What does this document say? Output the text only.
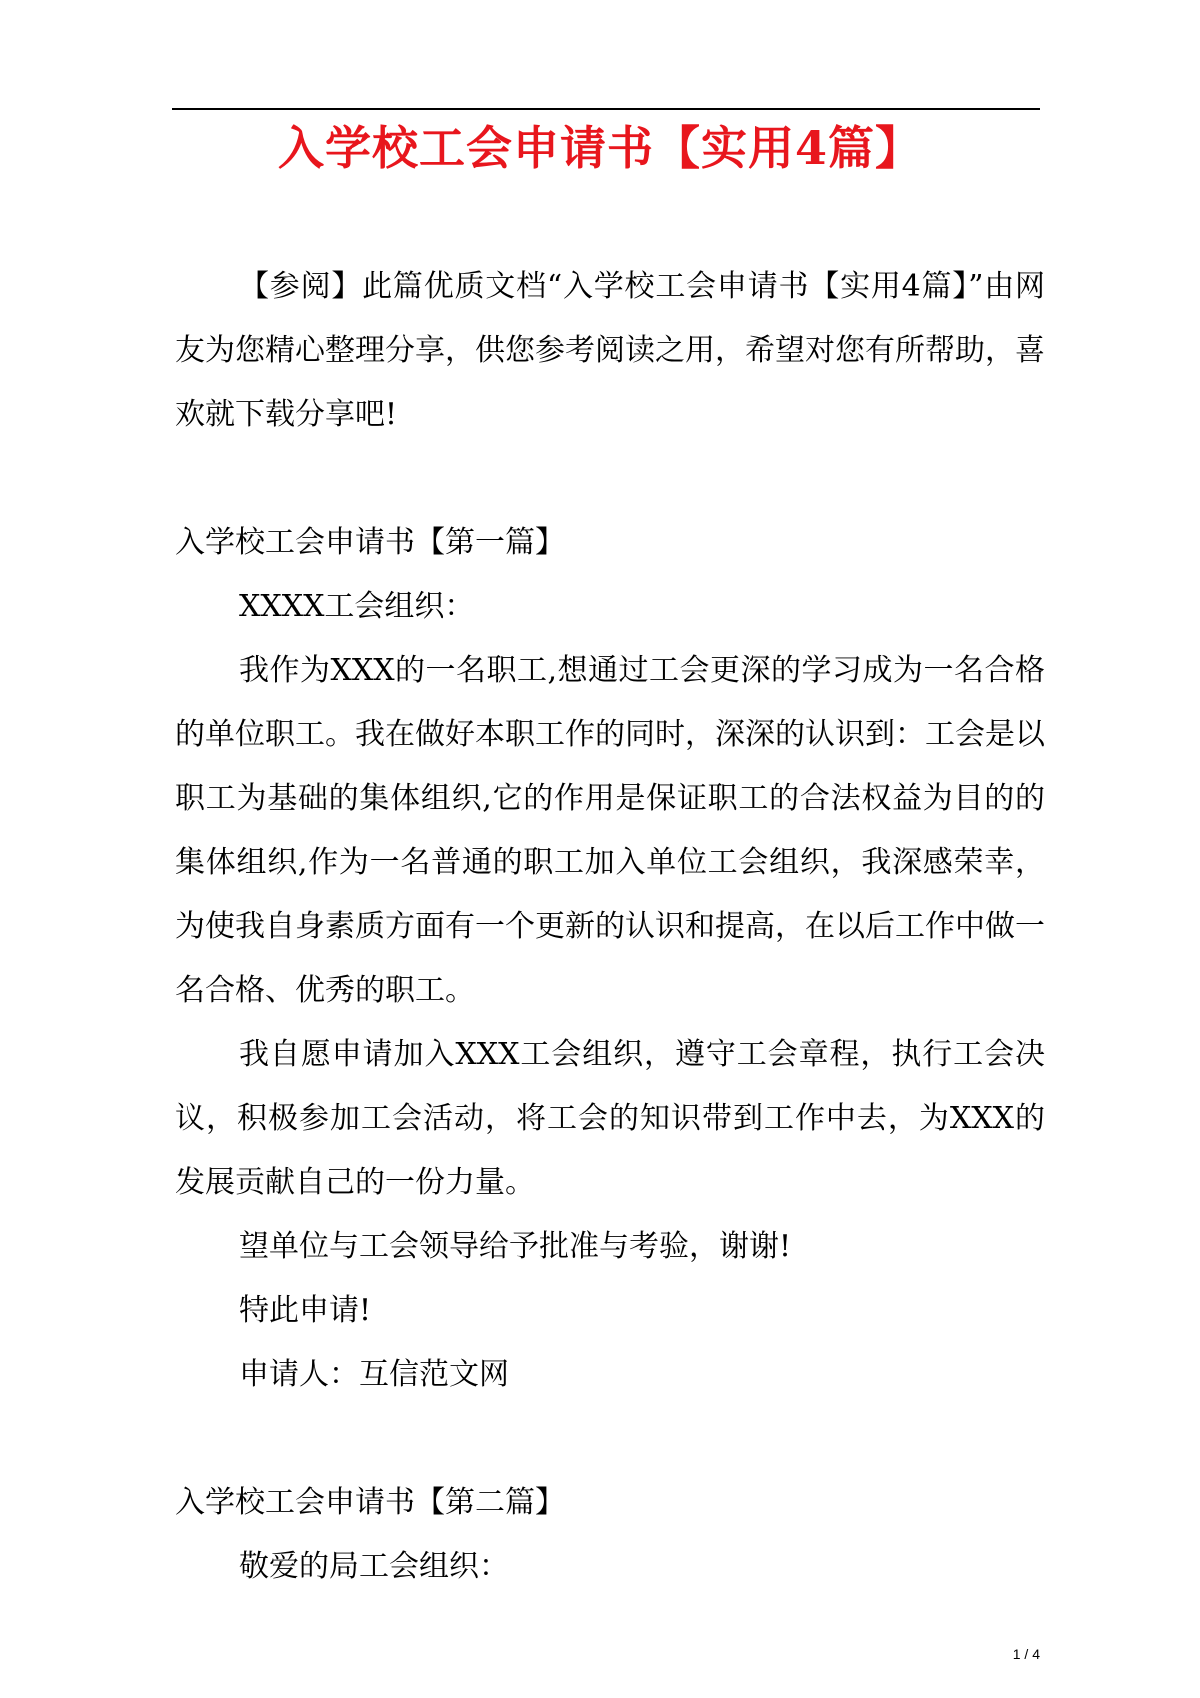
入学校工会申请书【实用4篇】

【参阅】此篇优质文档“入学校工会申请书【实用4篇】”由网友为您精心整理分享，供您参考阅读之用，希望对您有所帮助，喜欢就下载分享吧!

入学校工会申请书【第一篇】

XXXX工会组织：

我作为XXX的一名职工,想通过工会更深的学习成为一名合格的单位职工。我在做好本职工作的同时，深深的认识到：工会是以职工为基础的集体组织,它的作用是保证职工的合法权益为目的的集体组织,作为一名普通的职工加入单位工会组织，我深感荣幸，为使我自身素质方面有一个更新的认识和提高，在以后工作中做一名合格、优秀的职工。

我自愿申请加入XXX工会组织，遵守工会章程，执行工会决议，积极参加工会活动，将工会的知识带到工作中去，为XXX的发展贡献自己的一份力量。

望单位与工会领导给予批准与考验，谢谢!

特此申请!

申请人：互信范文网

入学校工会申请书【第二篇】

敬爱的局工会组织：

1 / 4
